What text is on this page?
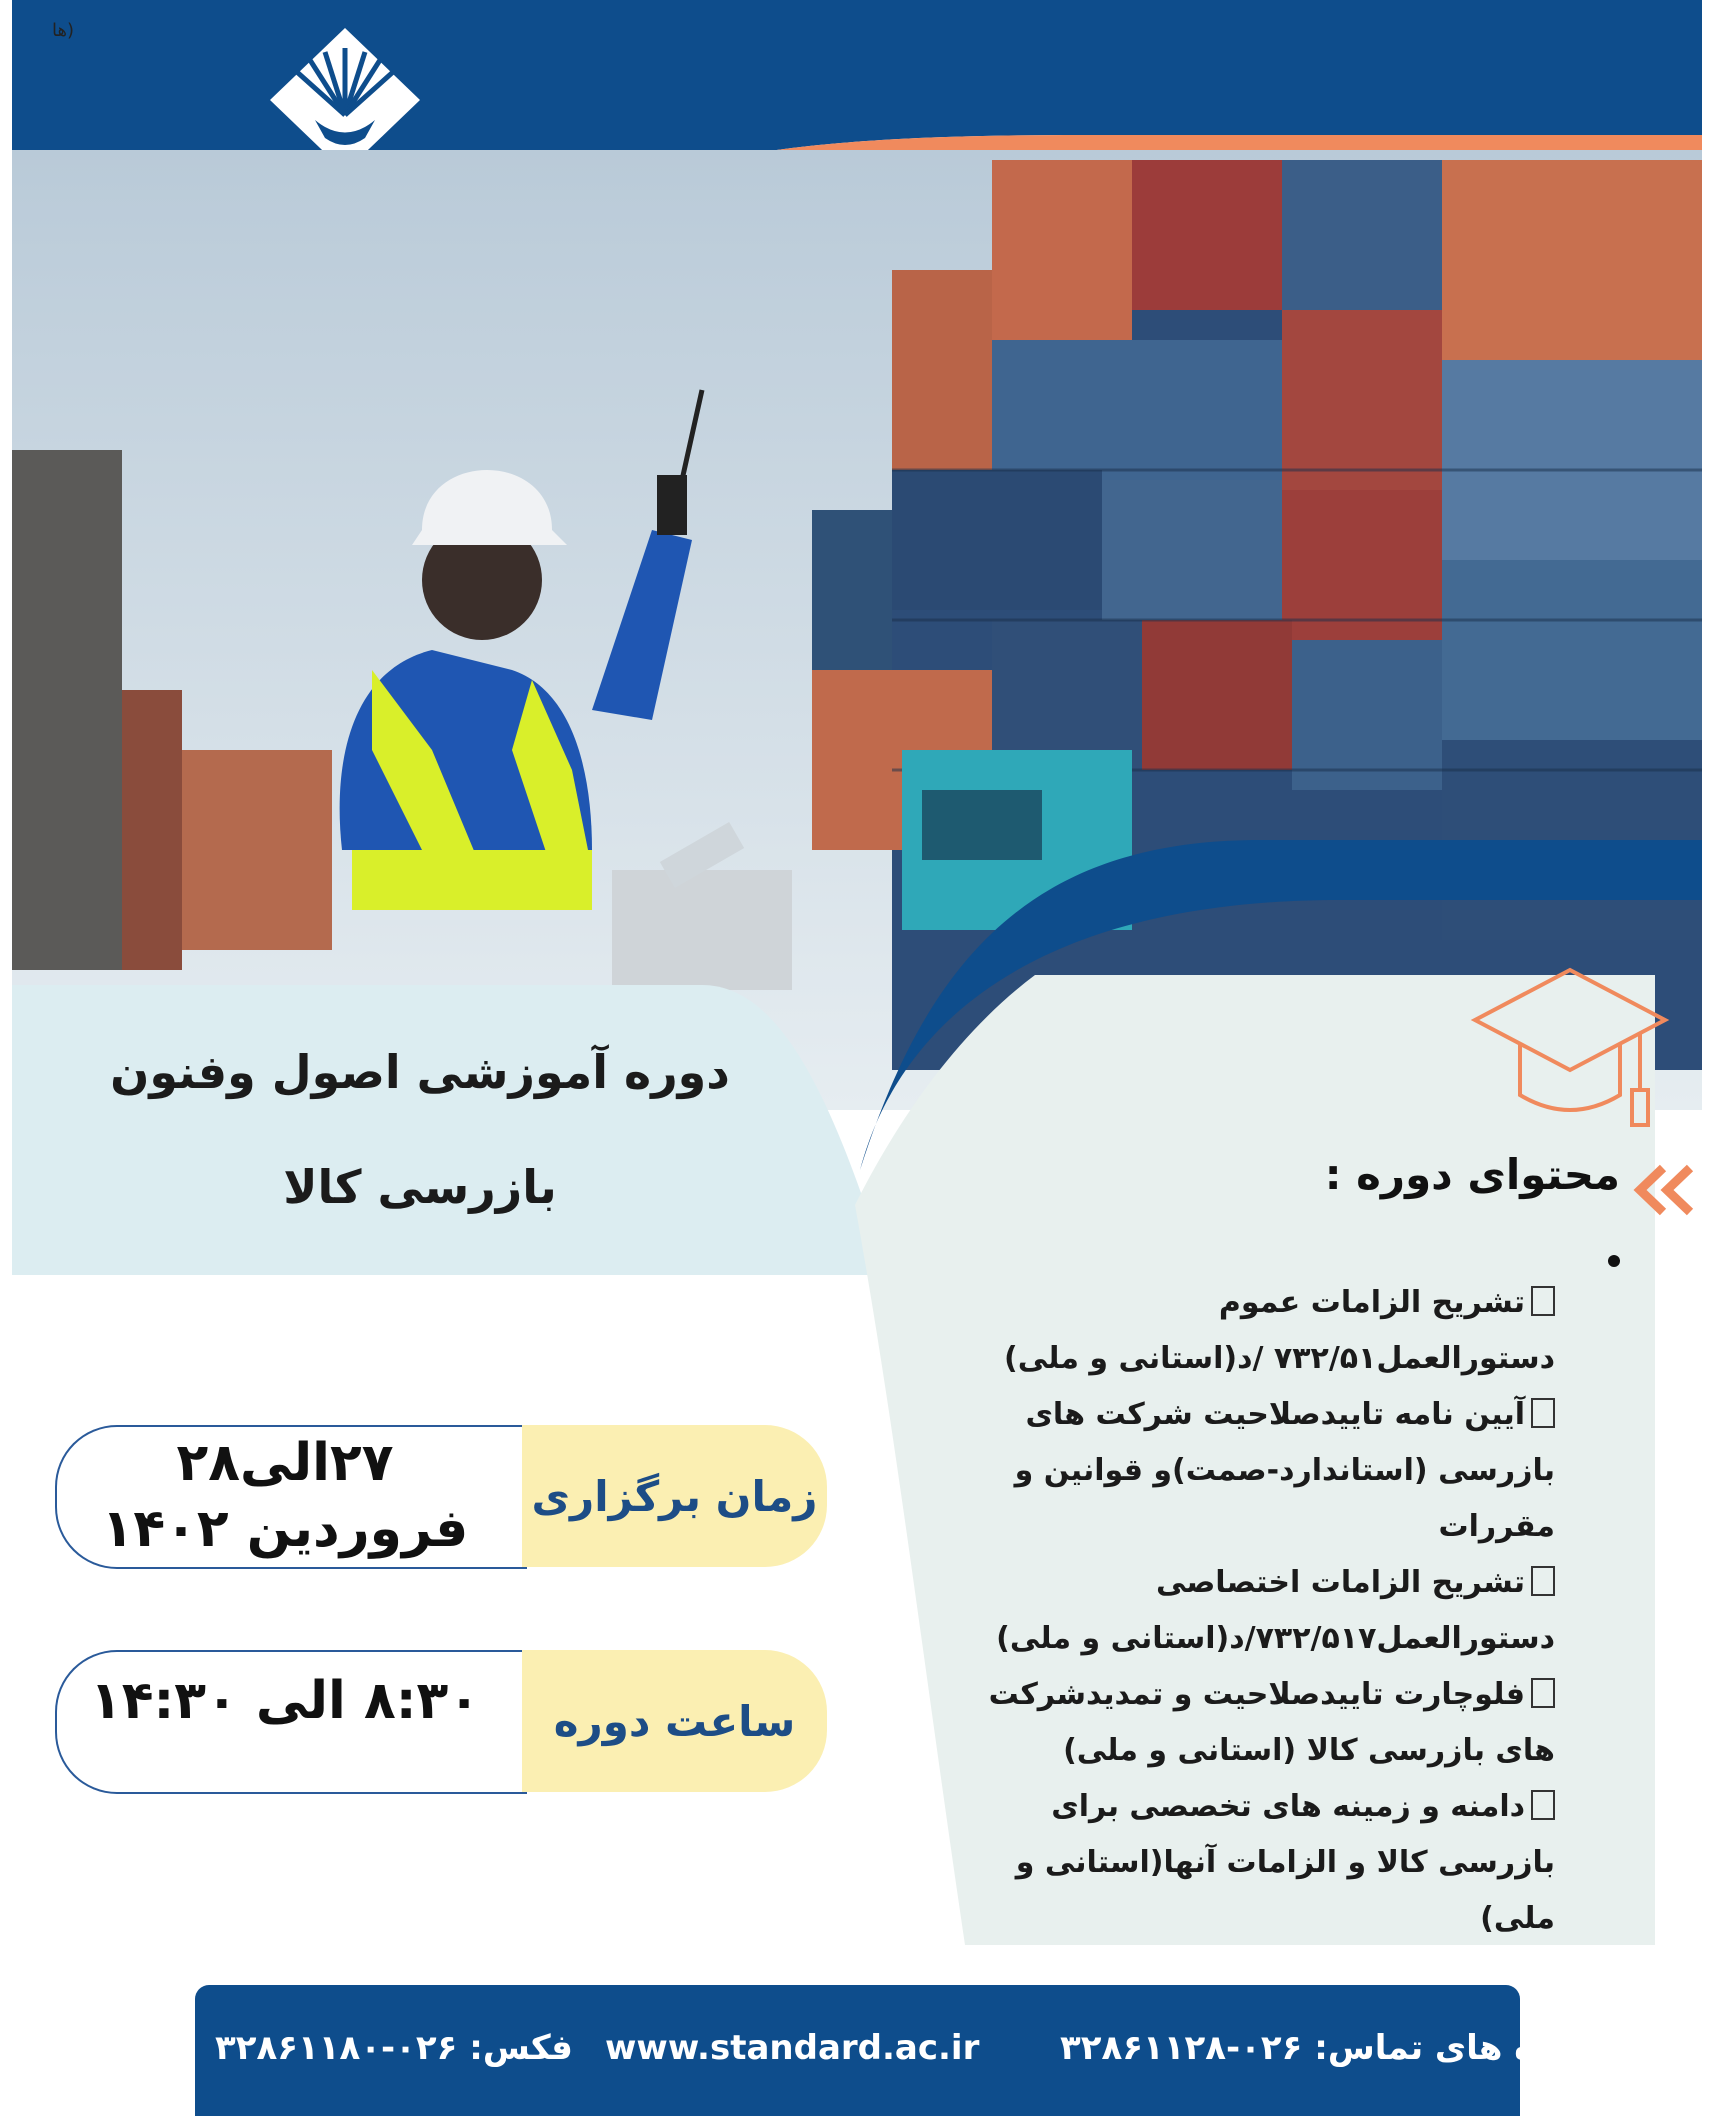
ها)
دوره آموزشی اصول وفنون
بازرسی کالا	محتوای دوره :

تشریح الزامات عموم دستورالعمل۷۳۲/۵۱ /د(استانی و ملی)

آیین نامه تاییدصلاحیت شرکت های بازرسی (استاندارد-صمت)و قوانین و مقررات

تشریح الزامات اختصاصی دستورالعمل۷۳۲/۵۱۷/د(استانی و ملی)

فلوچارت تاییدصلاحیت و تمدیدشرکت های بازرسی کالا (استانی و ملی)

دامنه و زمینه های تخصصی برای بازرسی کالا و الزامات آنها(استانی و ملی)

۲۷الی۲۸ فروردین ۱۴۰۲
زمان برگزاری
۸:۳۰ الی ۱۴:۳۰	ساعت دوره
شماره های تماس: ۰۲۶-۳۲۸۶۱۱۲۸
www.standard.ac.ir
فکس: ۰۲۶-۳۲۸۶۱۱۸۰
